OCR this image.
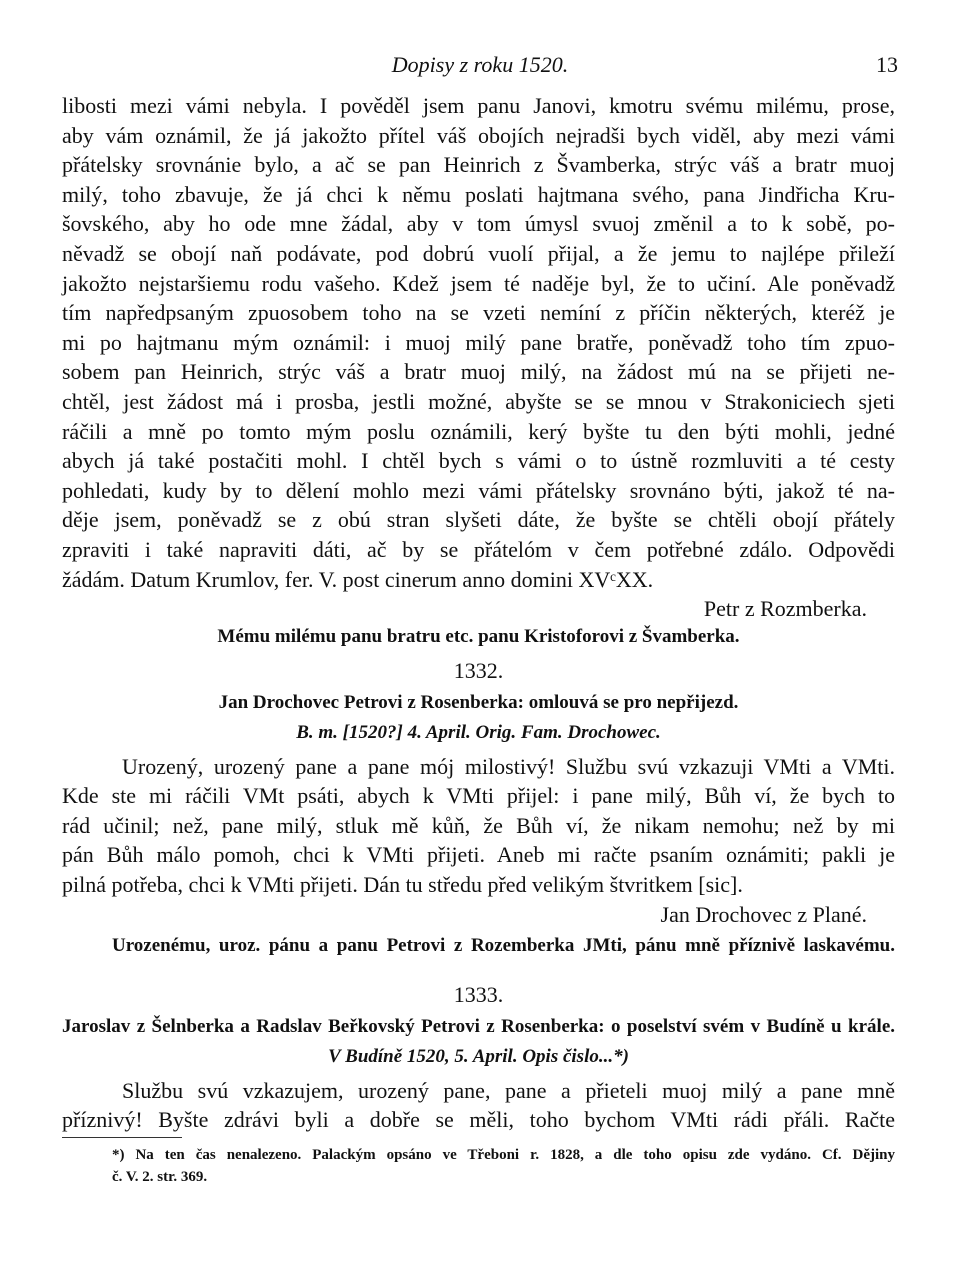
Dopisy z roku 1520.	13
libosti mezi vámi nebyla. I pověděl jsem panu Janovi, kmotru svému milému, prose,
aby vám oznámil, že já jakožto přítel váš obojích nejradši bych viděl, aby mezi vámi
přátelsky srovnánie bylo, a ač se pan Heinrich z Švamberka, strýc váš a bratr muoj
milý, toho zbavuje, že já chci k němu poslati hajtmana svého, pana Jindřicha Kru-
šovského, aby ho ode mne žádal, aby v tom úmysl svuoj změnil a to k sobě, po-
něvadž se obojí naň podávate, pod dobrú vuolí přijal, a že jemu to najlépe přileží
jakožto nejstaršiemu rodu vašeho. Kdež jsem té naděje byl, že to učiní. Ale poněvadž
tím napředpsaným zpuosobem toho na se vzeti nemíní z příčin některých, kteréž je
mi po hajtmanu mým oznámil: i muoj milý pane bratře, poněvadž toho tím zpuo-
sobem pan Heinrich, strýc váš a bratr muoj milý, na žádost mú na se přijeti ne-
chtěl, jest žádost má i prosba, jestli možné, abyšte se se mnou v Strakoniciech sjeti
ráčili a mně po tomto mým poslu oznámili, kerý byšte tu den býti mohli, jedné
abych já také postačiti mohl. I chtěl bych s vámi o to ústně rozmluviti a té cesty
pohledati, kudy by to dělení mohlo mezi vámi přátelsky srovnáno býti, jakož té na-
děje jsem, poněvadž se z obú stran slyšeti dáte, že byšte se chtěli obojí přátely
zpraviti i také napraviti dáti, ač by se přátelóm v čem potřebné zdálo. Odpovědi
žádám. Datum Krumlov, fer. V. post cinerum anno domini XVᶜXX.
Petr z Rozmberka.
Mému milému panu bratru etc. panu Kristoforovi z Švamberka.
1332.
Jan Drochovec Petrovi z Rosenberka: omlouvá se pro nepřijezd.
B. m. [1520?] 4. April. Orig. Fam. Drochowec.
Urozený, urozený pane a pane mój milostivý! Službu svú vzkazuji VMti a VMti.
Kde ste mi ráčili VMt psáti, abych k VMti přijel: i pane milý, Bůh ví, že bych to
rád učinil; než, pane milý, stluk mě kůň, že Bůh ví, že nikam nemohu; než by mi
pán Bůh málo pomoh, chci k VMti přijeti. Aneb mi račte psaním oznámiti; pakli je
pilná potřeba, chci k VMti přijeti. Dán tu středu před velikým štvritkem [sic].
Jan Drochovec z Plané.
Urozenému, uroz. pánu a panu Petrovi z Rozemberka JMti, pánu mně příznivě laskavému.
1333.
Jaroslav z Šelnberka a Radslav Beřkovský Petrovi z Rosenberka: o poselství svém v Budíně u krále.
V Budíně 1520, 5. April. Opis čislo...*)
Službu svú vzkazujem, urozený pane, pane a přieteli muoj milý a pane mně
příznivý! Byšte zdrávi byli a dobře se měli, toho bychom VMti rádi přáli. Račte
*) Na ten čas nenalezeno. Palackým opsáno ve Třeboni r. 1828, a dle toho opisu zde vydáno. Cf. Dějiny
č. V. 2. str. 369.
